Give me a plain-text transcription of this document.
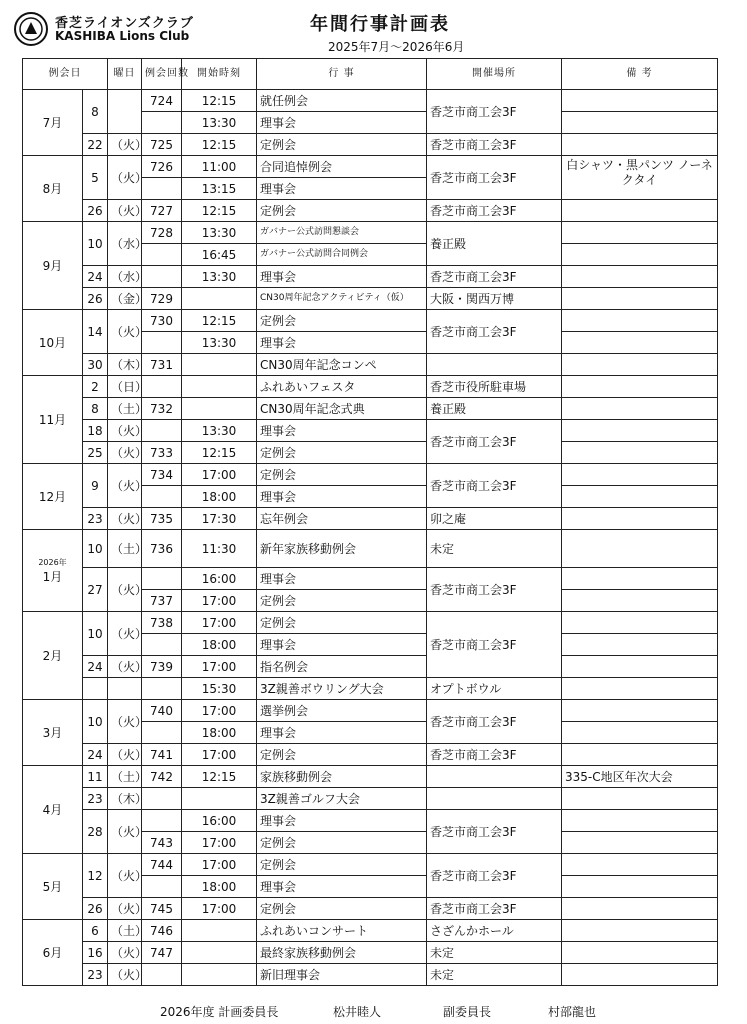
香芝ライオンズクラブ
KASHIBA Lions Club
年間行事計画表
2025年7月～2026年6月
例会日		曜日	例会回数	開始時刻	行 事	開催場所	備 考
7月	8		724	12:15	就任例会	香芝市商工会3F	
				13:30	理事会		
	22	（火）	725	12:15	定例会	香芝市商工会3F	
8月	5	（火）	726	11:00	合同追悼例会	香芝市商工会3F	白シャツ・黒パンツ ノーネクタイ
				13:15	理事会		
	26	（火）	727	12:15	定例会	香芝市商工会3F	
9月	10	（水）	728	13:30	ガバナー公式訪問懇談会	養正殿	
				16:45	ガバナー公式訪問合同例会		
	24	（水）		13:30	理事会	香芝市商工会3F	
	26	（金）	729		CN30周年記念アクティビティ（仮）	大阪・関西万博	
10月	14	（火）	730	12:15	定例会	香芝市商工会3F	
				13:30	理事会		
	30	（木）	731		CN30周年記念コンペ		
11月	2	（日）			ふれあいフェスタ	香芝市役所駐車場	
	8	（土）	732		CN30周年記念式典	養正殿	
	18	（火）		13:30	理事会	香芝市商工会3F	
	25	（火）	733	12:15	定例会		
12月	9	（火）	734	17:00	定例会	香芝市商工会3F	
				18:00	理事会		
	23	（火）	735	17:30	忘年例会	卯之庵	

2026年
1月	10	（土）	736	11:30	新年家族移動例会	未定	
	27	（火）		16:00	理事会	香芝市商工会3F	
			737	17:00	定例会		
2月	10	（火）	738	17:00	定例会	香芝市商工会3F	
				18:00	理事会		
	24	（火）	739	17:00	指名例会		
				15:30	3Z親善ボウリング大会	オプトボウル	
3月	10	（火）	740	17:00	選挙例会	香芝市商工会3F	
				18:00	理事会		
	24	（火）	741	17:00	定例会	香芝市商工会3F	
4月	11	（土）	742	12:15	家族移動例会		335-C地区年次大会
	23	（木）			3Z親善ゴルフ大会		
	28	（火）		16:00	理事会	香芝市商工会3F	
			743	17:00	定例会		
5月	12	（火）	744	17:00	定例会	香芝市商工会3F	
				18:00	理事会		
	26	（火）	745	17:00	定例会	香芝市商工会3F	
6月	6	（土）	746		ふれあいコンサート	さざんかホール	
	16	（火）	747		最終家族移動例会	未定	
	23	（火）			新旧理事会	未定	
2026年度 計画委員長	松井睦人	副委員長	村部龍也
